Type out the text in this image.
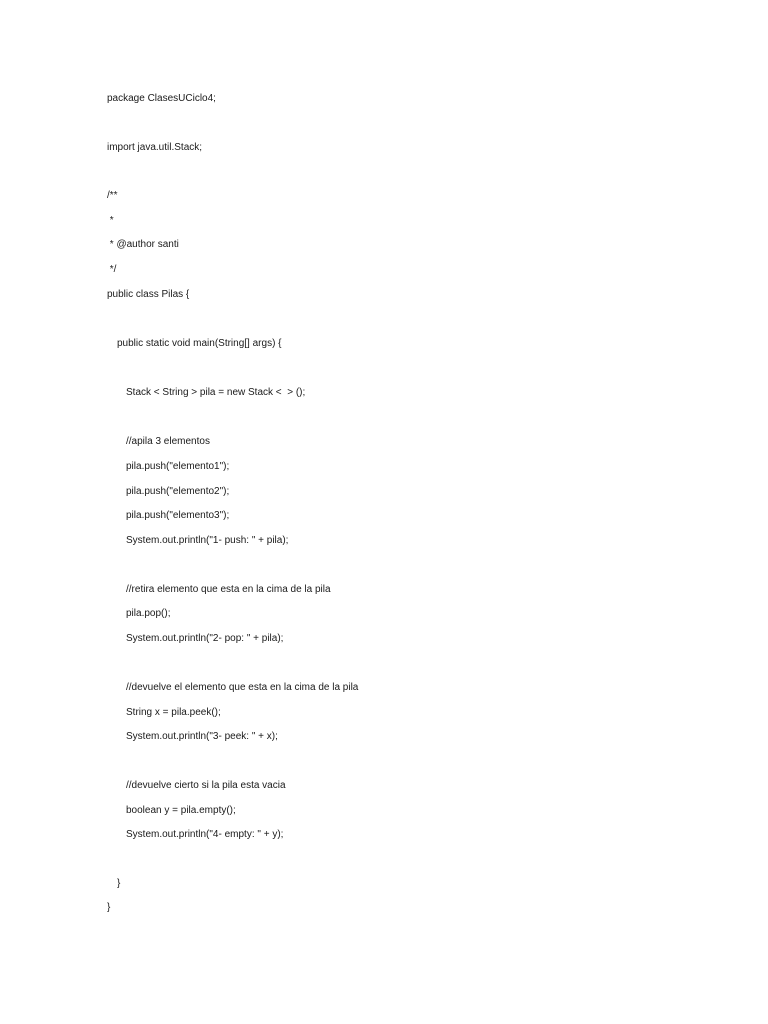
package ClasesUCiclo4;
import java.util.Stack;
/**
*
* @author santi
*/
public class Pilas {
public static void main(String[] args) {
Stack < String > pila = new Stack <  > ();
//apila 3 elementos
pila.push("elemento1");
pila.push("elemento2");
pila.push("elemento3");
System.out.println("1- push: " + pila);
//retira elemento que esta en la cima de la pila
pila.pop();
System.out.println("2- pop: " + pila);
//devuelve el elemento que esta en la cima de la pila
String x = pila.peek();
System.out.println("3- peek: " + x);
//devuelve cierto si la pila esta vacia
boolean y = pila.empty();
System.out.println("4- empty: " + y);
}
}
